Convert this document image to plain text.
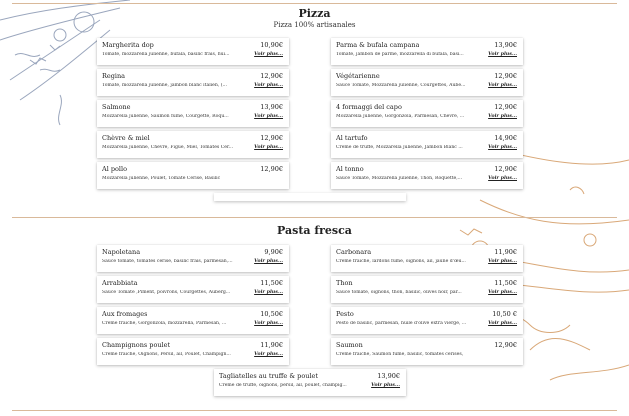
Pizza
Pizza 100% artisanales
Margherita dop	10,90€
Tomate, mozzarella julienne, bufala, basilic frais, hui...	Voir plus...
Parma & bufala campana	13,90€
Tomate, jambon de parme, mozzarella di bufala, basi...	Voir plus...
Regina	12,90€
Tomate, mozzarella julienne, jambon blanc italien, (...	Voir plus...
Végétarienne	12,90€
Sauce Tomate, Mozzarella julienne, Courgettes, Aube...	Voir plus...
Salmone	13,90€
Mozzarella julienne, Saumon fumé, Courgette, Roqu...	Voir plus...
4 formaggi del capo	12,90€
Mozzarella julienne, Gorgonzola, Parmesan, Chèvre, ...	Voir plus...
Chèvre & miel	12,90€
Mozzarella julienne, Chèvre, Figue, Miel, Tomates Cer...	Voir plus...
Al tartufo	14,90€
Crème de truffe, Mozzarella julienne, Jambon Blanc ...	Voir plus...
Al pollo	12,90€
Mozzarella julienne, Poulet, Tomate Cerise, Basilic
Al tonno	12,90€
Sauce Tomate, Mozzarella julienne, Thon, Roquette,...	Voir plus...
Pasta fresca
Napoletana	9,90€
Sauce tomate, tomates cerise, basilic frais, parmesan,...	Voir plus...
Carbonara	11,90€
Crème fraiche, lardons fume, oignons, ail, jaune d'œu...	Voir plus...
Arrabbiata	11,50€
Sauce Tomate ,Piment, poivrons, Courgettes, Auberg...	Voir plus...
Thon	11,50€
Sauce tomate, oignons, thon, basilic, olives noir, par...	Voir plus...
Aux fromages	10,50€
Crème fraiche, Gorgonzola, mozzarella, Parmesan, ...	Voir plus...
Pesto	10,50 €
Pesto de basilic, parmesan, huile d'olive extra vierge, ...	Voir plus...
Champignons poulet	11,90€
Crème fraiche, Oignons, Persil, ail, Poulet, Champign...	Voir plus...
Saumon	12,90€
Crème fraiche, Saumon fumé, basilic, tomates cerises,
Tagliatelles au truffe & poulet	13,90€
Crème de truffe, oignons, persil, ail, poulet, champig...	Voir plus...
